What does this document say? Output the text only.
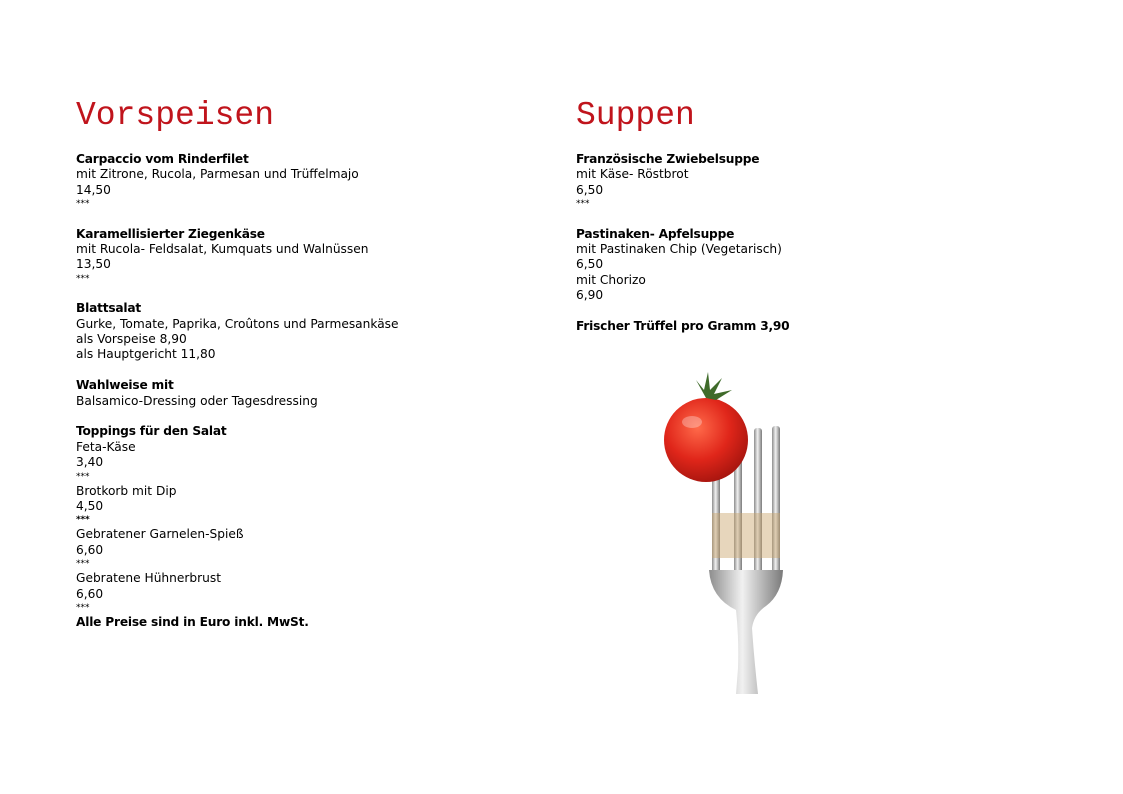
Vorspeisen
Carpaccio vom Rinderfilet
mit Zitrone, Rucola, Parmesan und Trüffelmajo
14,50
***
Karamellisierter Ziegenkäse
mit Rucola- Feldsalat, Kumquats und Walnüssen
13,50
***
Blattsalat
Gurke, Tomate, Paprika, Croûtons und Parmesankäse
als Vorspeise 8,90
als Hauptgericht 11,80
Wahlweise mit
Balsamico-Dressing oder Tagesdressing
Toppings für den Salat
Feta-Käse
3,40
***
Brotkorb mit Dip
4,50
***
Gebratener Garnelen-Spieß
6,60
***
Gebratene Hühnerbrust
6,60
***
Alle Preise sind in Euro inkl. MwSt.
Suppen
Französische Zwiebelsuppe
mit Käse- Röstbrot
6,50
***
Pastinaken- Apfelsuppe
mit Pastinaken Chip (Vegetarisch)
6,50
mit Chorizo
6,90
Frischer Trüffel pro Gramm 3,90
